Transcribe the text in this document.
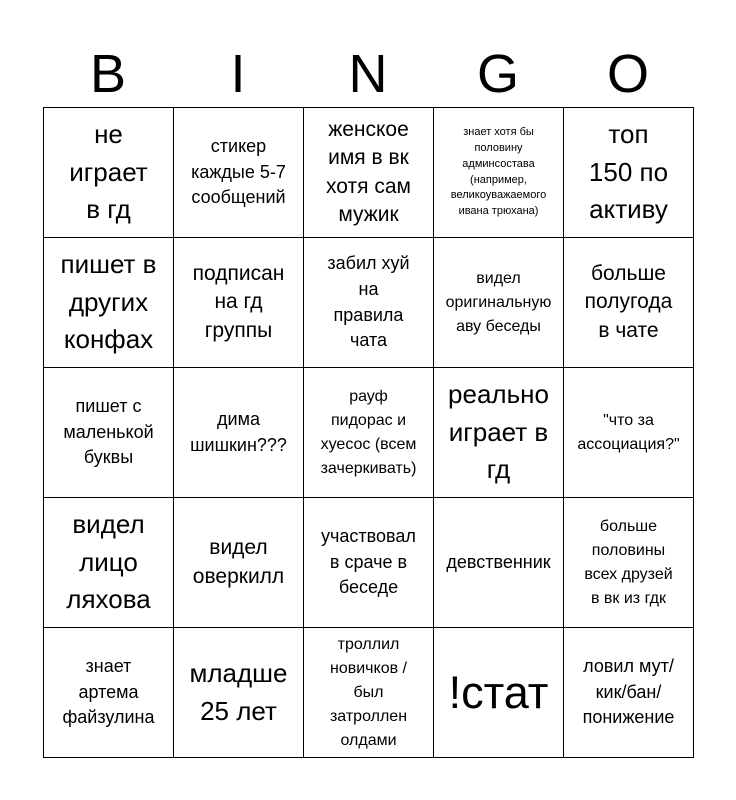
B	I	N	G	O
не
играет
в гд
стикер
каждые 5-7
сообщений
женское
имя в вк
хотя сам
мужик
знает хотя бы
половину
админсостава
(например,
великоуважаемого
ивана трюхана)
топ
150 по
активу
пишет в
других
конфах
подписан
на гд
группы
забил хуй
на
правила
чата
видел
оригинальную
аву беседы
больше
полугода
в чате
пишет с
маленькой
буквы
дима
шишкин???
рауф
пидорас и
хуесос (всем
зачеркивать)
реально
играет в
гд
"что за
ассоциация?"
видел
лицо
ляхова
видел
оверкилл
участвовал
в сраче в
беседе
девственник
больше
половины
всех друзей
в вк из гдк
знает
артема
файзулина
младше
25 лет
троллил
новичков /
был
затроллен
олдами
!стат
ловил мут/
кик/бан/
понижение
